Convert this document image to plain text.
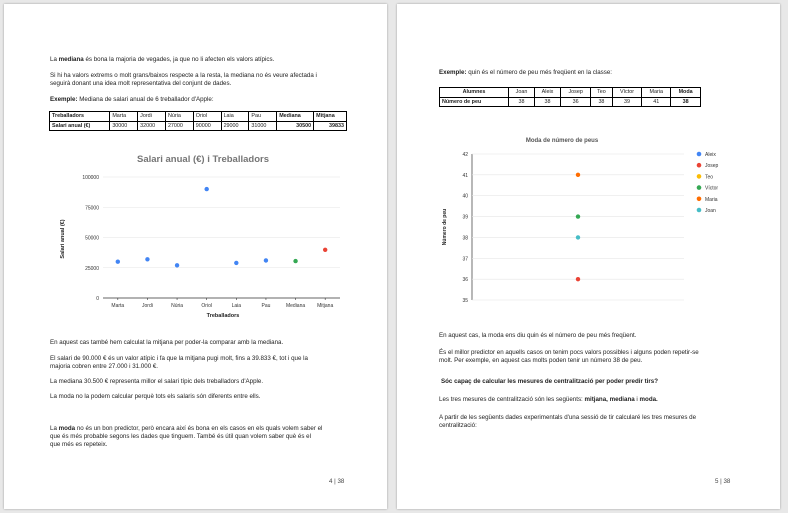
La mediana és bona la majoria de vegades, ja que no li afecten els valors atípics.
Si hi ha valors extrems o molt grans/baixos respecte a la resta, la mediana no és veure afectada i
seguirà donant una idea molt representativa del conjunt de dades.
Exemple: Mediana de salari anual de 6 treballador d'Apple:
Treballadors	Marta	Jordi	Núria	Oriol	Laia	Pau	Mediana	Mitjana
Salari anual (€)	30000	32000	27000	90000	29000	31000	30500	39833
Salari anual (€) i Treballadors
Salari anual (€)
Treballadors
0
25000
50000
75000
100000
Marta	Jordi	Núria	Oriol	Laia	Pau	Mediana Mitjana
En aquest cas també hem calculat la mitjana per poder-la comparar amb la mediana.
El salari de 90.000 € és un valor atípic i fa que la mitjana pugi molt, fins a 39.833 €, tot i que la
majoria cobren entre 27.000 i 31.000 €.
La mediana 30.500 € representa millor el salari típic dels treballadors d'Apple.
La moda no la podem calcular perquè tots els salaris són diferents entre ells.
La moda no és un bon predictor, però encara així és bona en els casos en els quals volem saber el
que és més probable segons les dades que tinguem. També és útil quan volem saber què és el
que més es repeteix.
4 | 38
Exemple: quin és el número de peu més freqüent en la classe:
Alumnes	Joan	Aleix	Josep	Teo	Víctor	Maria	Moda
Número de peu	38	38	36	38	39	41	38
Moda de número de peus
Número de peu
35
36
37
38
39
40
41
42	Aleix
Josep
Teo
Víctor
Maria
Joan
En aquest cas, la moda ens diu quin és el número de peu més freqüent.
És el millor predictor en aquells casos on tenim pocs valors possibles i alguns poden repetir-se
molt. Per exemple, en aquest cas molts poden tenir un número 38 de peu.
Sóc capaç de calcular les mesures de centralització per poder predir tirs?
Les tres mesures de centralització són les següents: mitjana, mediana i moda.
A partir de les següents dades experimentals d'una sessió de tir calcularé les tres mesures de
centralització:
5 | 38
